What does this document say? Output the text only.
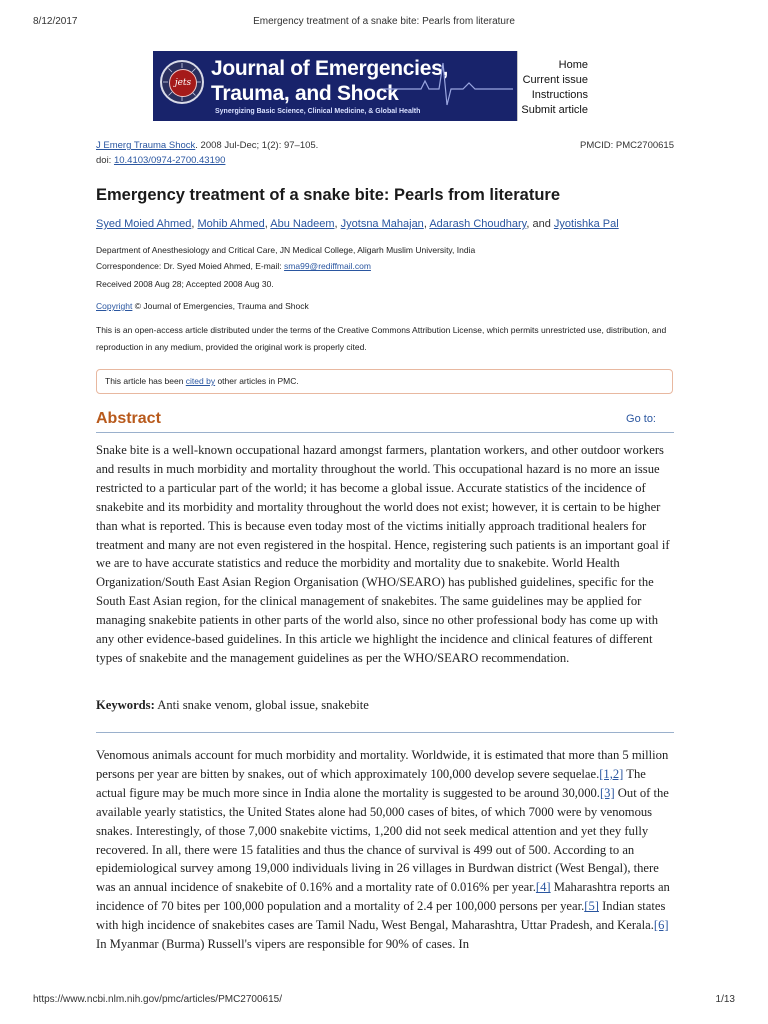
8/12/2017	Emergency treatment of a snake bite: Pearls from literature
jets
Journal of Emergencies,
Trauma, and Shock
Synergizing Basic Science, Clinical Medicine, & Global Health
Home
Current issue
Instructions
Submit article
J Emerg Trauma Shock. 2008 Jul-Dec; 1(2): 97–105.
doi: 10.4103/0974-2700.43190
PMCID: PMC2700615
Emergency treatment of a snake bite: Pearls from literature
Syed Moied Ahmed, Mohib Ahmed, Abu Nadeem, Jyotsna Mahajan, Adarash Choudhary, and Jyotishka Pal
Department of Anesthesiology and Critical Care, JN Medical College, Aligarh Muslim University, India
Correspondence: Dr. Syed Moied Ahmed, E-mail: sma99@rediffmail.com
Received 2008 Aug 28; Accepted 2008 Aug 30.
Copyright © Journal of Emergencies, Trauma and Shock
This is an open-access article distributed under the terms of the Creative Commons Attribution License, which permits unrestricted use, distribution, and reproduction in any medium, provided the original work is properly cited.
This article has been cited by other articles in PMC.
Abstract	Go to:

Snake bite is a well-known occupational hazard amongst farmers, plantation workers, and other outdoor workers and results in much morbidity and mortality throughout the world. This occupational hazard is no more an issue restricted to a particular part of the world; it has become a global issue. Accurate statistics of the incidence of snakebite and its morbidity and mortality throughout the world does not exist; however, it is certain to be higher than what is reported. This is because even today most of the victims initially approach traditional healers for treatment and many are not even registered in the hospital. Hence, registering such patients is an important goal if we are to have accurate statistics and reduce the morbidity and mortality due to snakebite. World Health Organization/South East Asian Region Organisation (WHO/SEARO) has published guidelines, specific for the South East Asian region, for the clinical management of snakebites. The same guidelines may be applied for managing snakebite patients in other parts of the world also, since no other professional body has come up with any other evidence-based guidelines. In this article we highlight the incidence and clinical features of different types of snakebite and the management guidelines as per the WHO/SEARO recommendation.

Keywords: Anti snake venom, global issue, snakebite

Venomous animals account for much morbidity and mortality. Worldwide, it is estimated that more than 5 million persons per year are bitten by snakes, out of which approximately 100,000 develop severe sequelae.[1,2] The actual figure may be much more since in India alone the mortality is suggested to be around 30,000.[3] Out of the available yearly statistics, the United States alone had 50,000 cases of bites, of which 7000 were by venomous snakes. Interestingly, of those 7,000 snakebite victims, 1,200 did not seek medical attention and yet they fully recovered. In all, there were 15 fatalities and thus the chance of survival is 499 out of 500. According to an epidemiological survey among 19,000 individuals living in 26 villages in Burdwan district (West Bengal), there was an annual incidence of snakebite of 0.16% and a mortality rate of 0.016% per year.[4] Maharashtra reports an incidence of 70 bites per 100,000 population and a mortality of 2.4 per 100,000 persons per year.[5] Indian states with high incidence of snakebites cases are Tamil Nadu, West Bengal, Maharashtra, Uttar Pradesh, and Kerala.[6] In Myanmar (Burma) Russell's vipers are responsible for 90% of cases. In

https://www.ncbi.nlm.nih.gov/pmc/articles/PMC2700615/	1/13
